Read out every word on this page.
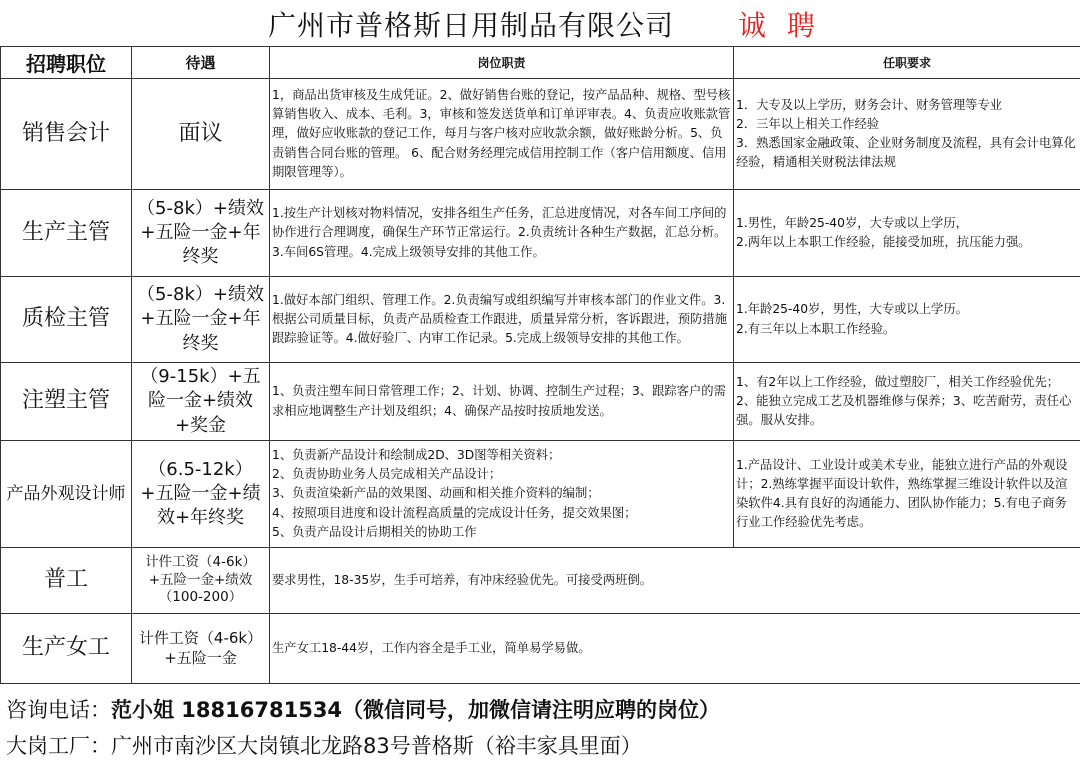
广州市普格斯日用制品有限公司 诚 聘
招聘职位	待遇	岗位职责	任职要求
销售会计	面议	1，商品出货审核及生成凭证。2、做好销售台账的登记，按产品品种、规格、型号核算销售收入、成本、毛利。3，审核和签发送货单和订单评审表。4、负责应收账款管理，做好应收账款的登记工作，每月与客户核对应收款余额，做好账龄分析。5、负责销售合同台账的管理。 6、配合财务经理完成信用控制工作（客户信用额度、信用期限管理等）。	1．大专及以上学历，财务会计、财务管理等专业
2．三年以上相关工作经验
3．熟悉国家金融政策、企业财务制度及流程，具有会计电算化经验，精通相关财税法律法规
生产主管	（5-8k）+绩效+五险一金+年终奖	1.按生产计划核对物料情况，安排各组生产任务，汇总进度情况，对各车间工序间的协作进行合理调度，确保生产环节正常运行。2.负责统计各种生产数据，汇总分析。3.车间6S管理。4.完成上级领导安排的其他工作。	1.男性，年龄25-40岁，大专或以上学历，
2.两年以上本职工作经验，能接受加班，抗压能力强。
质检主管	（5-8k）+绩效+五险一金+年终奖	1.做好本部门组织、管理工作。2.负责编写或组织编写并审核本部门的作业文件。3.根据公司质量目标，负责产品质检查工作跟进，质量异常分析，客诉跟进，预防措施跟踪验证等。4.做好验厂、内审工作记录。5.完成上级领导安排的其他工作。	1.年龄25-40岁，男性，大专或以上学历。
2.有三年以上本职工作经验。
注塑主管	（9-15k）+五险一金+绩效+奖金	1、负责注塑车间日常管理工作；2、计划、协调、控制生产过程；3、跟踪客户的需求相应地调整生产计划及组织；4、确保产品按时按质地发送。	1、有2年以上工作经验，做过塑胶厂，相关工作经验优先；2、能独立完成工艺及机器维修与保养；3、吃苦耐劳，责任心强。服从安排。
产品外观设计师	（6.5-12k）+五险一金+绩效+年终奖	1、负责新产品设计和绘制成2D、3D图等相关资料；
2、负责协助业务人员完成相关产品设计；
3、负责渲染新产品的效果图、动画和相关推介资料的编制；
4、按照项目进度和设计流程高质量的完成设计任务，提交效果图；
5、负责产品设计后期相关的协助工作	1.产品设计、工业设计或美术专业，能独立进行产品的外观设计；2.熟练掌握平面设计软件，熟练掌握三维设计软件以及渲染软件4.具有良好的沟通能力、团队协作能力；5.有电子商务行业工作经验优先考虑。
普工	计件工资（4-6k）+五险一金+绩效（100-200）	要求男性，18-35岁，生手可培养，有冲床经验优先。可接受两班倒。	
生产女工	计件工资（4-6k）+五险一金	生产女工18-44岁，工作内容全是手工业，简单易学易做。	
咨询电话：范小姐 18816781534（微信同号，加微信请注明应聘的岗位）
大岗工厂：广州市南沙区大岗镇北龙路83号普格斯（裕丰家具里面）
